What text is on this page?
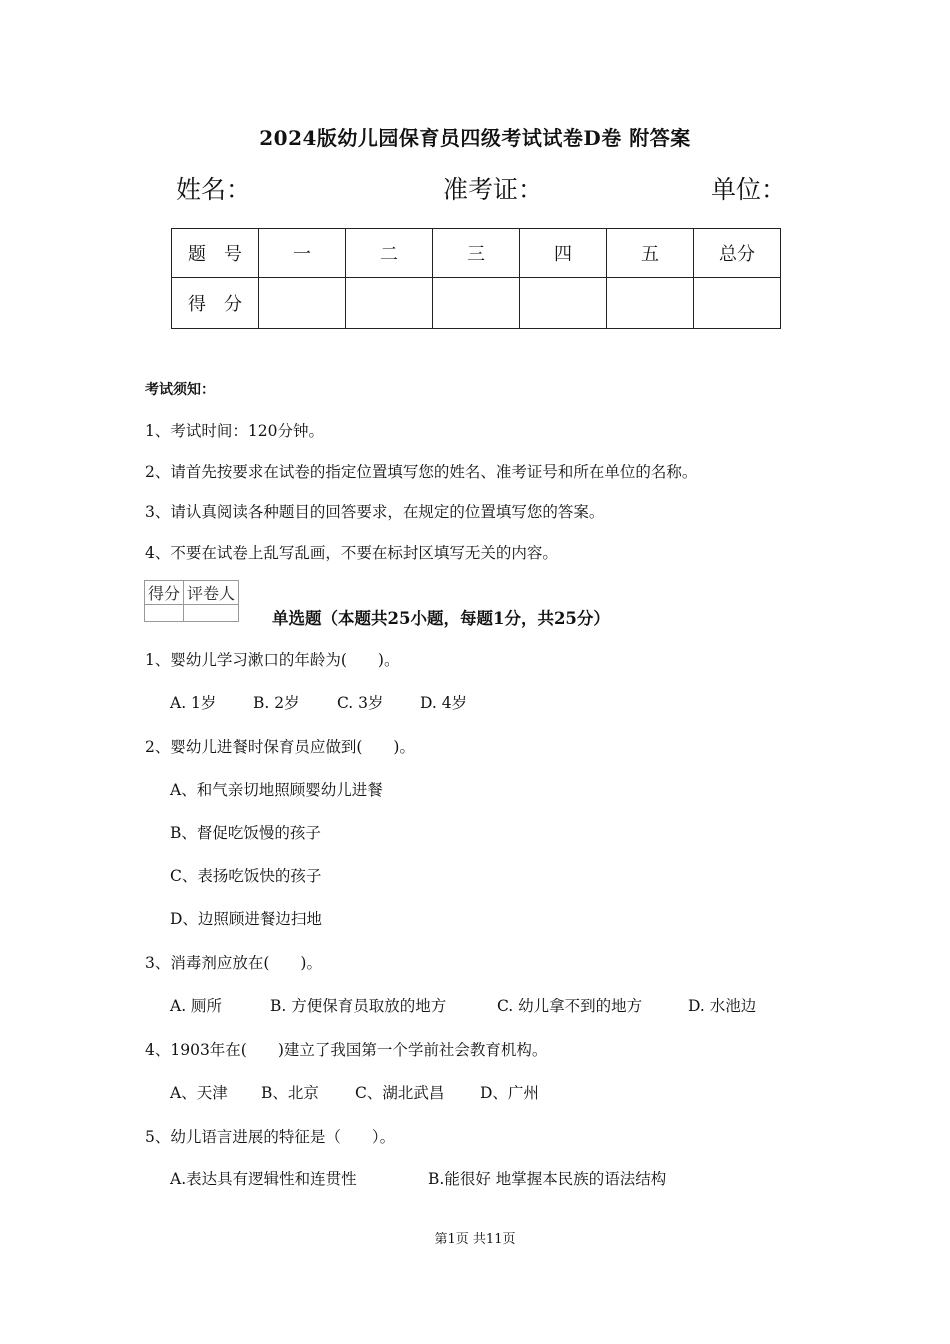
2024版幼儿园保育员四级考试试卷D卷 附答案
姓名：	准考证：	单位：
题　号	一	二	三	四	五	总分
得　分						
考试须知：
1、考试时间：120分钟。
2、请首先按要求在试卷的指定位置填写您的姓名、准考证号和所在单位的名称。
3、请认真阅读各种题目的回答要求，在规定的位置填写您的答案。
4、不要在试卷上乱写乱画，不要在标封区填写无关的内容。
得分	评卷人

单选题（本题共25小题，每题1分，共25分）
1、婴幼儿学习漱口的年龄为(　　)。
A. 1岁 B. 2岁 C. 3岁 D. 4岁
2、婴幼儿进餐时保育员应做到(　　)。
A、和气亲切地照顾婴幼儿进餐
B、督促吃饭慢的孩子
C、表扬吃饭快的孩子
D、边照顾进餐边扫地
3、消毒剂应放在(　　)。
A. 厕所	B. 方便保育员取放的地方	C. 幼儿拿不到的地方	D. 水池边
4、1903年在(　　)建立了我国第一个学前社会教育机构。
A、天津 B、北京 C、湖北武昌 D、广州
5、幼儿语言进展的特征是（　　）。
A.表达具有逻辑性和连贯性	B.能很好 地掌握本民族的语法结构
第1页 共11页
